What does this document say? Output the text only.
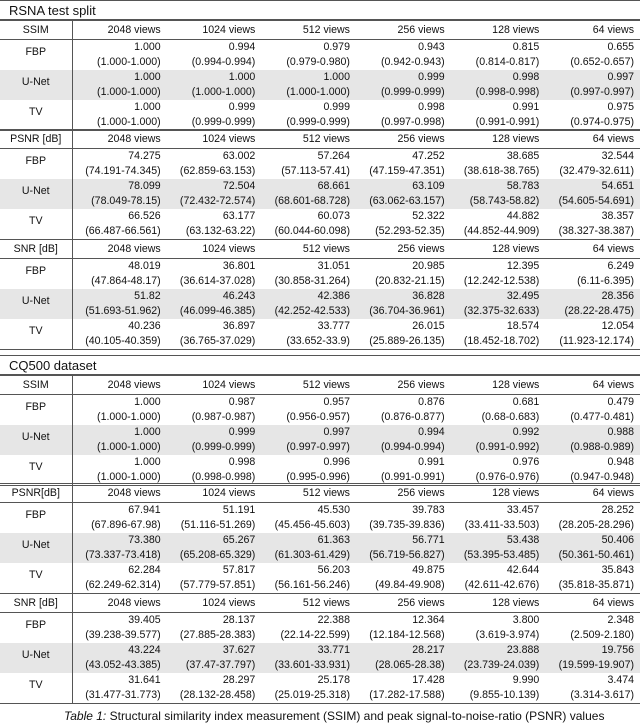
RSNA test split
SSIM	2048 views	1024 views	512 views	256 views	128 views	64 views
FBP	1.000	0.994	0.979	0.943	0.815	0.655
	(1.000-1.000)	(0.994-0.994)	(0.979-0.980)	(0.942-0.943)	(0.814-0.817)	(0.652-0.657)
U-Net	1.000	1.000	1.000	0.999	0.998	0.997
	(1.000-1.000)	(1.000-1.000)	(1.000-1.000)	(0.999-0.999)	(0.998-0.998)	(0.997-0.997)
TV	1.000	0.999	0.999	0.998	0.991	0.975
	(1.000-1.000)	(0.999-0.999)	(0.999-0.999)	(0.997-0.998)	(0.991-0.991)	(0.974-0.975)
PSNR [dB]	2048 views	1024 views	512 views	256 views	128 views	64 views
FBP	74.275	63.002	57.264	47.252	38.685	32.544
	(74.191-74.345)	(62.859-63.153)	(57.113-57.41)	(47.159-47.351)	(38.618-38.765)	(32.479-32.611)
U-Net	78.099	72.504	68.661	63.109	58.783	54.651
	(78.049-78.15)	(72.432-72.574)	(68.601-68.728)	(63.062-63.157)	(58.743-58.82)	(54.605-54.691)
TV	66.526	63.177	60.073	52.322	44.882	38.357
	(66.487-66.561)	(63.132-63.22)	(60.044-60.098)	(52.293-52.35)	(44.852-44.909)	(38.327-38.387)
SNR [dB]	2048 views	1024 views	512 views	256 views	128 views	64 views
FBP	48.019	36.801	31.051	20.985	12.395	6.249
	(47.864-48.17)	(36.614-37.028)	(30.858-31.264)	(20.832-21.15)	(12.242-12.538)	(6.11-6.395)
U-Net	51.82	46.243	42.386	36.828	32.495	28.356
	(51.693-51.962)	(46.099-46.385)	(42.252-42.533)	(36.704-36.961)	(32.375-32.633)	(28.22-28.475)
TV	40.236	36.897	33.777	26.015	18.574	12.054
	(40.105-40.359)	(36.765-37.029)	(33.652-33.9)	(25.889-26.135)	(18.452-18.702)	(11.923-12.174)
CQ500 dataset
SSIM	2048 views	1024 views	512 views	256 views	128 views	64 views
FBP	1.000	0.987	0.957	0.876	0.681	0.479
	(1.000-1.000)	(0.987-0.987)	(0.956-0.957)	(0.876-0.877)	(0.68-0.683)	(0.477-0.481)
U-Net	1.000	0.999	0.997	0.994	0.992	0.988
	(1.000-1.000)	(0.999-0.999)	(0.997-0.997)	(0.994-0.994)	(0.991-0.992)	(0.988-0.989)
TV	1.000	0.998	0.996	0.991	0.976	0.948
	(1.000-1.000)	(0.998-0.998)	(0.995-0.996)	(0.991-0.991)	(0.976-0.976)	(0.947-0.948)
PSNR[dB]	2048 views	1024 views	512 views	256 views	128 views	64 views
FBP	67.941	51.191	45.530	39.783	33.457	28.252
	(67.896-67.98)	(51.116-51.269)	(45.456-45.603)	(39.735-39.836)	(33.411-33.503)	(28.205-28.296)
U-Net	73.380	65.267	61.363	56.771	53.438	50.406
	(73.337-73.418)	(65.208-65.329)	(61.303-61.429)	(56.719-56.827)	(53.395-53.485)	(50.361-50.461)
TV	62.284	57.817	56.203	49.875	42.644	35.843
	(62.249-62.314)	(57.779-57.851)	(56.161-56.246)	(49.84-49.908)	(42.611-42.676)	(35.818-35.871)
SNR [dB]	2048 views	1024 views	512 views	256 views	128 views	64 views
FBP	39.405	28.137	22.388	12.364	3.800	2.348
	(39.238-39.577)	(27.885-28.383)	(22.14-22.599)	(12.184-12.568)	(3.619-3.974)	(2.509-2.180)
U-Net	43.224	37.627	33.771	28.217	23.888	19.756
	(43.052-43.385)	(37.47-37.797)	(33.601-33.931)	(28.065-28.38)	(23.739-24.039)	(19.599-19.907)
TV	31.641	28.297	25.178	17.428	9.990	3.474
	(31.477-31.773)	(28.132-28.458)	(25.019-25.318)	(17.282-17.588)	(9.855-10.139)	(3.314-3.617)
Table 1: Structural similarity index measurement (SSIM) and peak signal-to-noise-ratio (PSNR) values
